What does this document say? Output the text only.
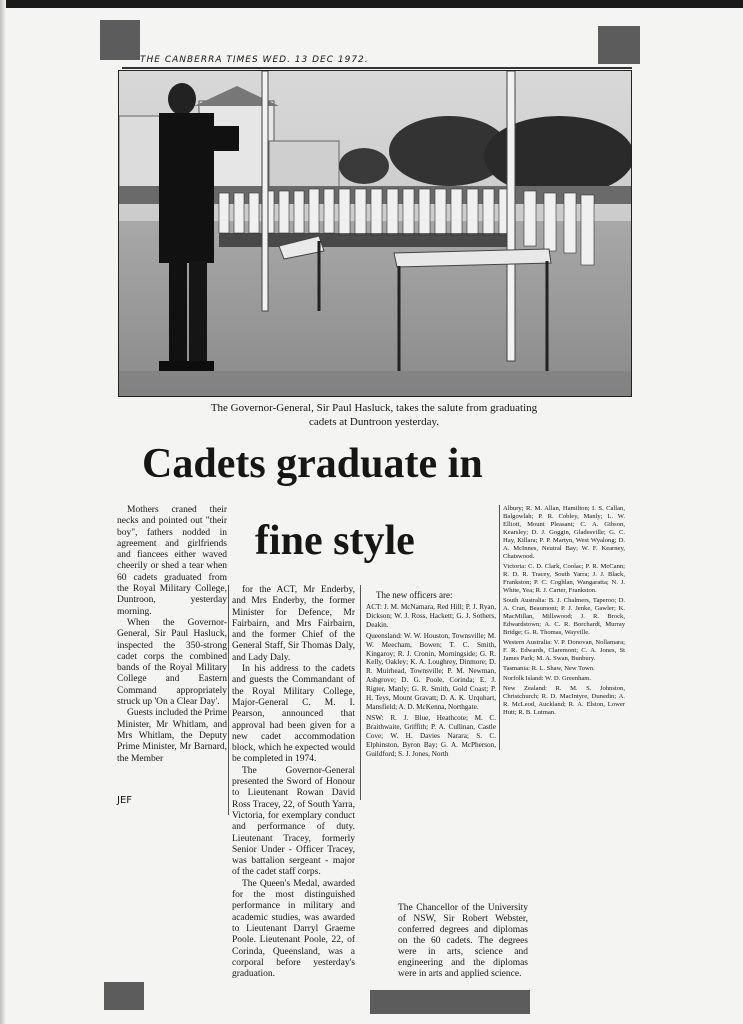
THE CANBERRA TIMES WED. 13 DEC 1972.
The Governor-General, Sir Paul Hasluck, takes the salute from graduating
cadets at Duntroon yesterday.
Cadets graduate in
fine style

Mothers craned their necks and pointed out "their boy", fathers nodded in agreement and girlfriends and fiancees either waved cheerily or shed a tear when 60 cadets graduated from the Royal Military College, Duntroon, yesterday morning.

When the Governor-General, Sir Paul Hasluck, inspected the 350-strong cadet corps the combined bands of the Royal Military College and Eastern Command appropriately struck up 'On a Clear Day'.

Guests included the Prime Minister, Mr Whitlam, and Mrs Whitlam, the Deputy Prime Minister, Mr Barnard, the Member

JEF

for the ACT, Mr Enderby, and Mrs Enderby, the former Minister for Defence, Mr Fairbairn, and Mrs Fairbairn, and the former Chief of the General Staff, Sir Thomas Daly, and Lady Daly.

In his address to the cadets and guests the Commandant of the Royal Military College, Major-General C. M. I. Pearson, announced that approval had been given for a new cadet accommodation block, which he expected would be completed in 1974.

The Governor-General presented the Sword of Honour to Lieutenant Rowan David Ross Tracey, 22, of South Yarra, Victoria, for exemplary conduct and performance of duty. Lieutenant Tracey, formerly Senior Under - Officer Tracey, was battalion sergeant - major of the cadet staff corps.

The Queen's Medal, awarded for the most distinguished performance in military and academic studies, was awarded to Lieutenant Darryl Graeme Poole. Lieutenant Poole, 22, of Corinda, Queensland, was a corporal before yesterday's graduation.

The new officers are:

ACT: J. M. McNamara, Red Hill; P. J. Ryan, Dickson; W. J. Ross, Hackett; G. J. Sothers, Deakin.

Queensland: W. W. Houston, Townsville; M. W. Meecham, Bowen; T. C. Smith, Kingaroy; R. J. Cronin, Morningside; G. R. Kelly, Oakley; K. A. Loughrey, Dinmore; D. R. Muirhead, Townsville; P. M. Newman, Ashgrove; D. G. Poole, Corinda; E. J. Rigter, Manly; G. R. Smith, Gold Coast; P. H. Teys, Mount Gravatt; D. A. K. Urquhart, Mansfield; A. D. McKenna, Northgate.

NSW: R. J. Blue, Heathcote; M. C. Braithwaite, Griffith; P. A. Cullinan, Castle Cove; W. H. Davies Narara; S. C. Elphinston, Byron Bay; G. A. McPherson, Guildford; S. J. Jones, North

Albury; R. M. Allan, Hamilton; I. S. Callan, Balgowlah; P. R. Cobley, Manly; L. W. Elliott, Mount Pleasant; C. A. Gibson, Kearsley; D. J. Goggin, Gladesville; G. C. Hay, Killara; P. P. Martyn, West Wyalong; D. A. McInnes, Neutral Bay; W. F. Kearney, Chatswood.

Victoria: C. D. Clark, Coolac; P. R. McCann; R. D. R. Tracey, South Yarra; J. J. Black, Frankston; P. C. Coghlan, Wangaratta; N. J. White, Yea; R. J. Carter, Frankston.

South Australia: B. J. Chalmers, Taperoo; D. A. Cran, Beaumont; P. J. Jenke, Gawler; K. MacMillan, Millswood; J. R. Brock, Edwardstown; A. C. R. Borchardt, Murray Bridge; G. R. Thomas, Wayville.

Western Australia: V. P. Donovan, Nollamara; F. R. Edwards, Claremont; C. A. Jones, St James Park; M. A. Swan, Bunbury.

Tasmania: R. L. Shaw, New Town.

Norfolk Island: W. D. Greenham.

New Zealand: R. M. S. Johnston, Christchurch; R. D. MacIntyre, Dunedin; A. R. McLeod, Auckland; R. A. Elston, Lower Hutt; R. B. Lutman.

The Chancellor of the University of NSW, Sir Robert Webster, conferred degrees and diplomas on the 60 cadets. The degrees were in arts, science and engineering and the diplomas were in arts and applied science.
